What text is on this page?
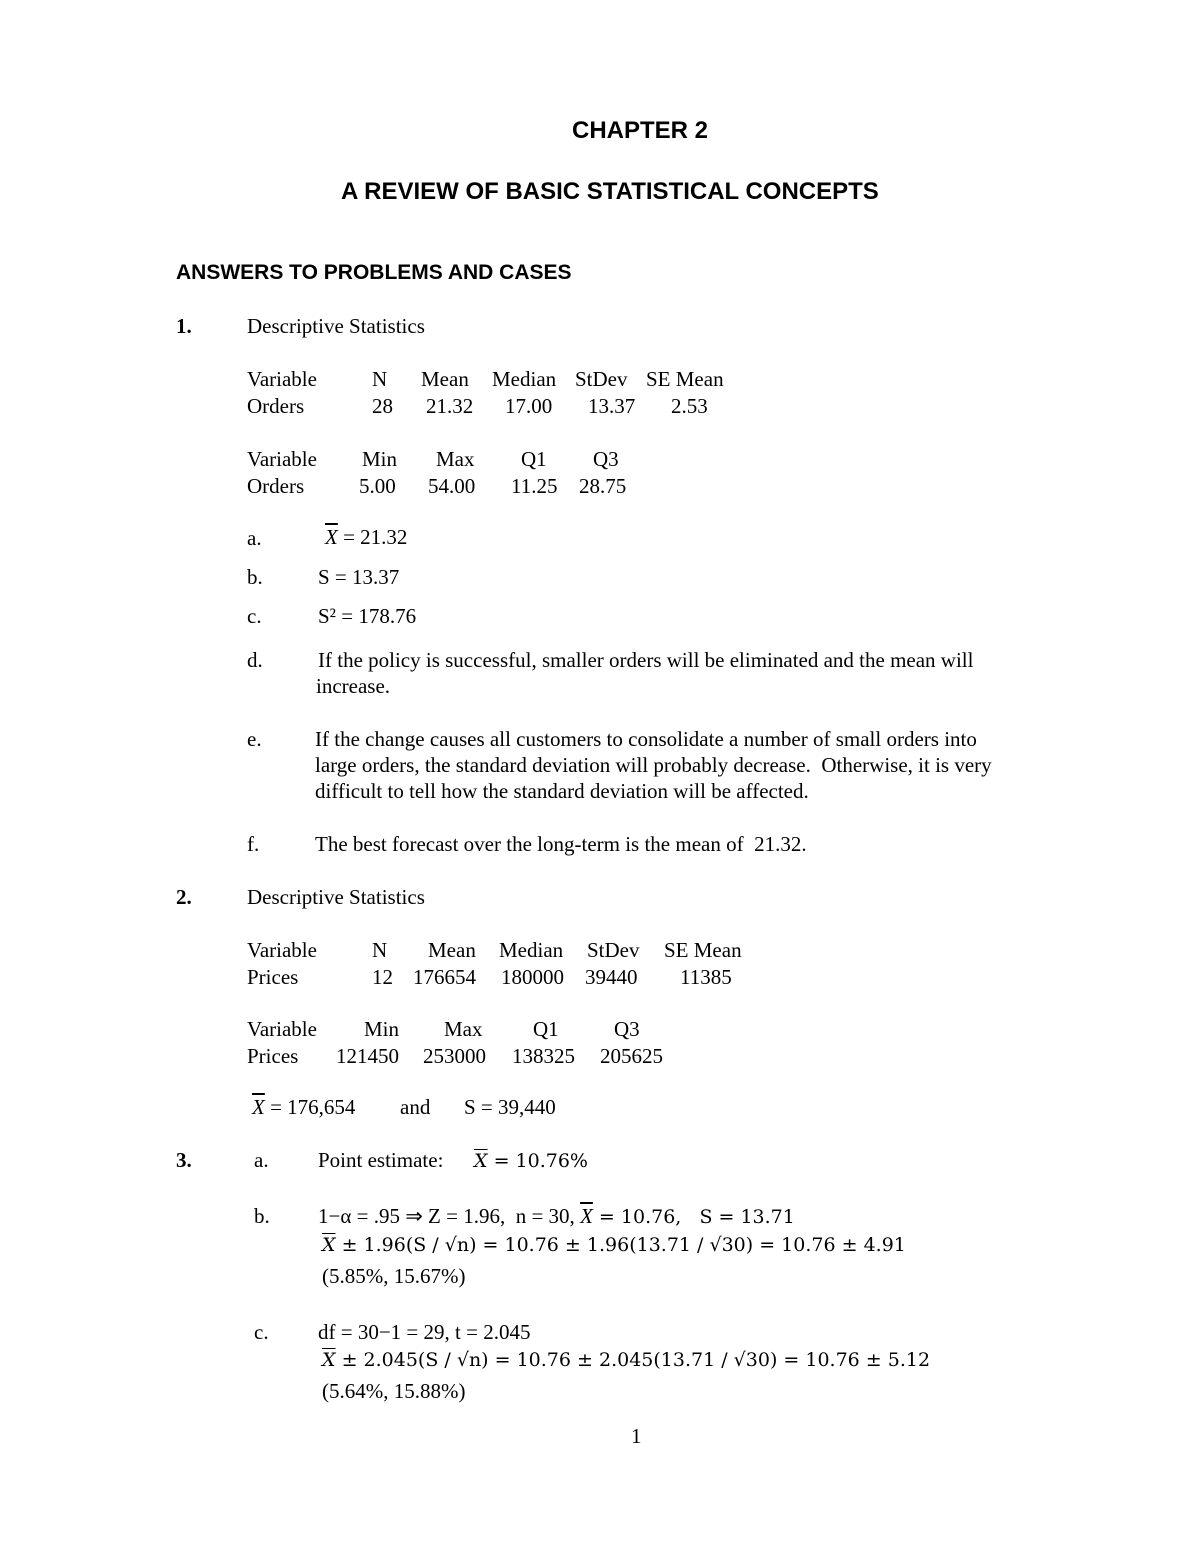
CHAPTER 2
A REVIEW OF BASIC STATISTICAL CONCEPTS
ANSWERS TO PROBLEMS AND CASES
1.	Descriptive Statistics
Variable	N Mean Median StDev SE Mean
Orders	28 21.32 17.00 13.37 2.53
Variable Min Max Q1 Q3
Orders	5.00 54.00 11.25 28.75
a.	$\overline{X} = 21.32$
b.	S = 13.37
c.	S² = 178.76
d.	If the policy is successful, smaller orders will be eliminated and the mean will
increase.
e.	If the change causes all customers to consolidate a number of small orders into
large orders, the standard deviation will probably decrease.  Otherwise, it is very
difficult to tell how the standard deviation will be affected.
f.	The best forecast over the long-term is the mean of  21.32.
2.	Descriptive Statistics
Variable	N Mean Median StDev SE Mean
Prices	12 176654 180000 39440 11385
Variable Min Max Q1	Q3
Prices 121450 253000 138325 205625
$\overline{X} = 176,654$ and S = 39,440
3.	a. Point estimate: $\overline{X} = 10.76\%$
b. 1−α = .95 ⇒ Z = 1.96,  n = 30, $\overline{X} = 10.76$,   S = 13.71
$\overline{X} \pm 1.96(S / √n) = 10.76 \pm 1.96(13.71 / √30) = 10.76 \pm 4.91$
(5.85%, 15.67%)
c. df = 30−1 = 29, t = 2.045
$\overline{X} \pm 2.045(S / √n) = 10.76 \pm 2.045(13.71 / √30) = 10.76 \pm 5.12$
(5.64%, 15.88%)
1
